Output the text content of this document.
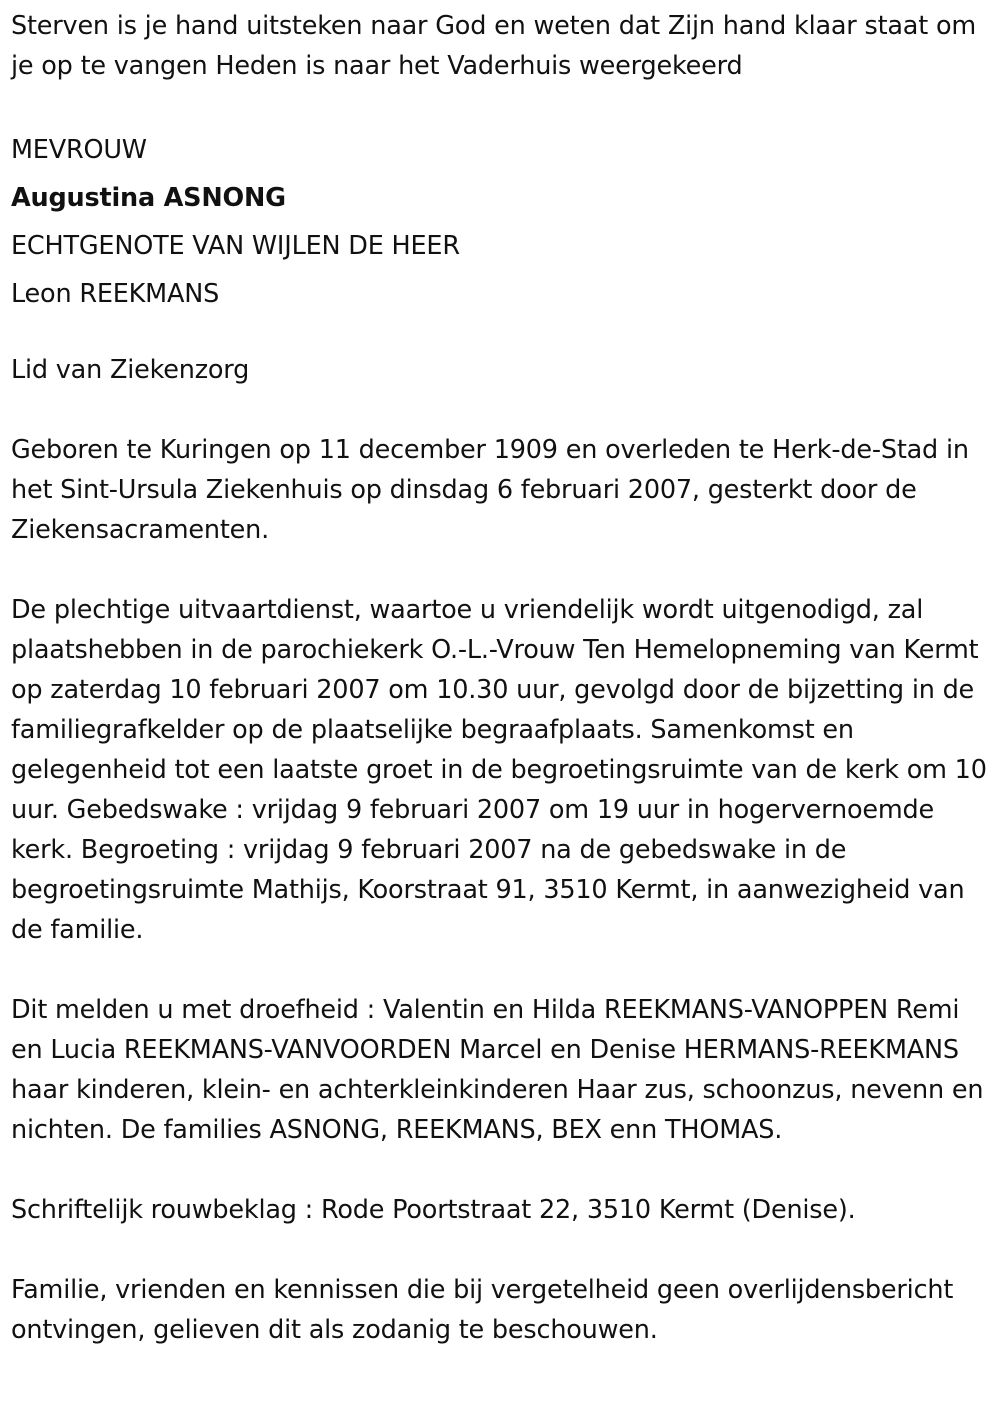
Sterven is je hand uitsteken naar God en weten dat Zijn hand klaar staat om je op te vangen Heden is naar het Vaderhuis weergekeerd

MEVROUW
Augustina ASNONG
ECHTGENOTE VAN WIJLEN DE HEER
Leon REEKMANS

Lid van Ziekenzorg

Geboren te Kuringen op 11 december 1909 en overleden te Herk-de-Stad in het Sint-Ursula Ziekenhuis op dinsdag 6 februari 2007, gesterkt door de Ziekensacramenten.

De plechtige uitvaartdienst, waartoe u vriendelijk wordt uitgenodigd, zal plaatshebben in de parochiekerk O.-L.-Vrouw Ten Hemelopneming van Kermt op zaterdag 10 februari 2007 om 10.30 uur, gevolgd door de bijzetting in de familiegrafkelder op de plaatselijke begraafplaats. Samenkomst en gelegenheid tot een laatste groet in de begroetingsruimte van de kerk om 10 uur. Gebedswake : vrijdag 9 februari 2007 om 19 uur in hogervernoemde kerk. Begroeting : vrijdag 9 februari 2007 na de gebedswake in de begroetingsruimte Mathijs, Koorstraat 91, 3510 Kermt, in aanwezigheid van de familie.

Dit melden u met droefheid : Valentin en Hilda REEKMANS-VANOPPEN Remi en Lucia REEKMANS-VANVOORDEN Marcel en Denise HERMANS-REEKMANS haar kinderen, klein- en achterkleinkinderen Haar zus, schoonzus, nevenn en nichten. De families ASNONG, REEKMANS, BEX enn THOMAS.

Schriftelijk rouwbeklag : Rode Poortstraat 22, 3510 Kermt (Denise).

Familie, vrienden en kennissen die bij vergetelheid geen overlijdensbericht ontvingen, gelieven dit als zodanig te beschouwen.
